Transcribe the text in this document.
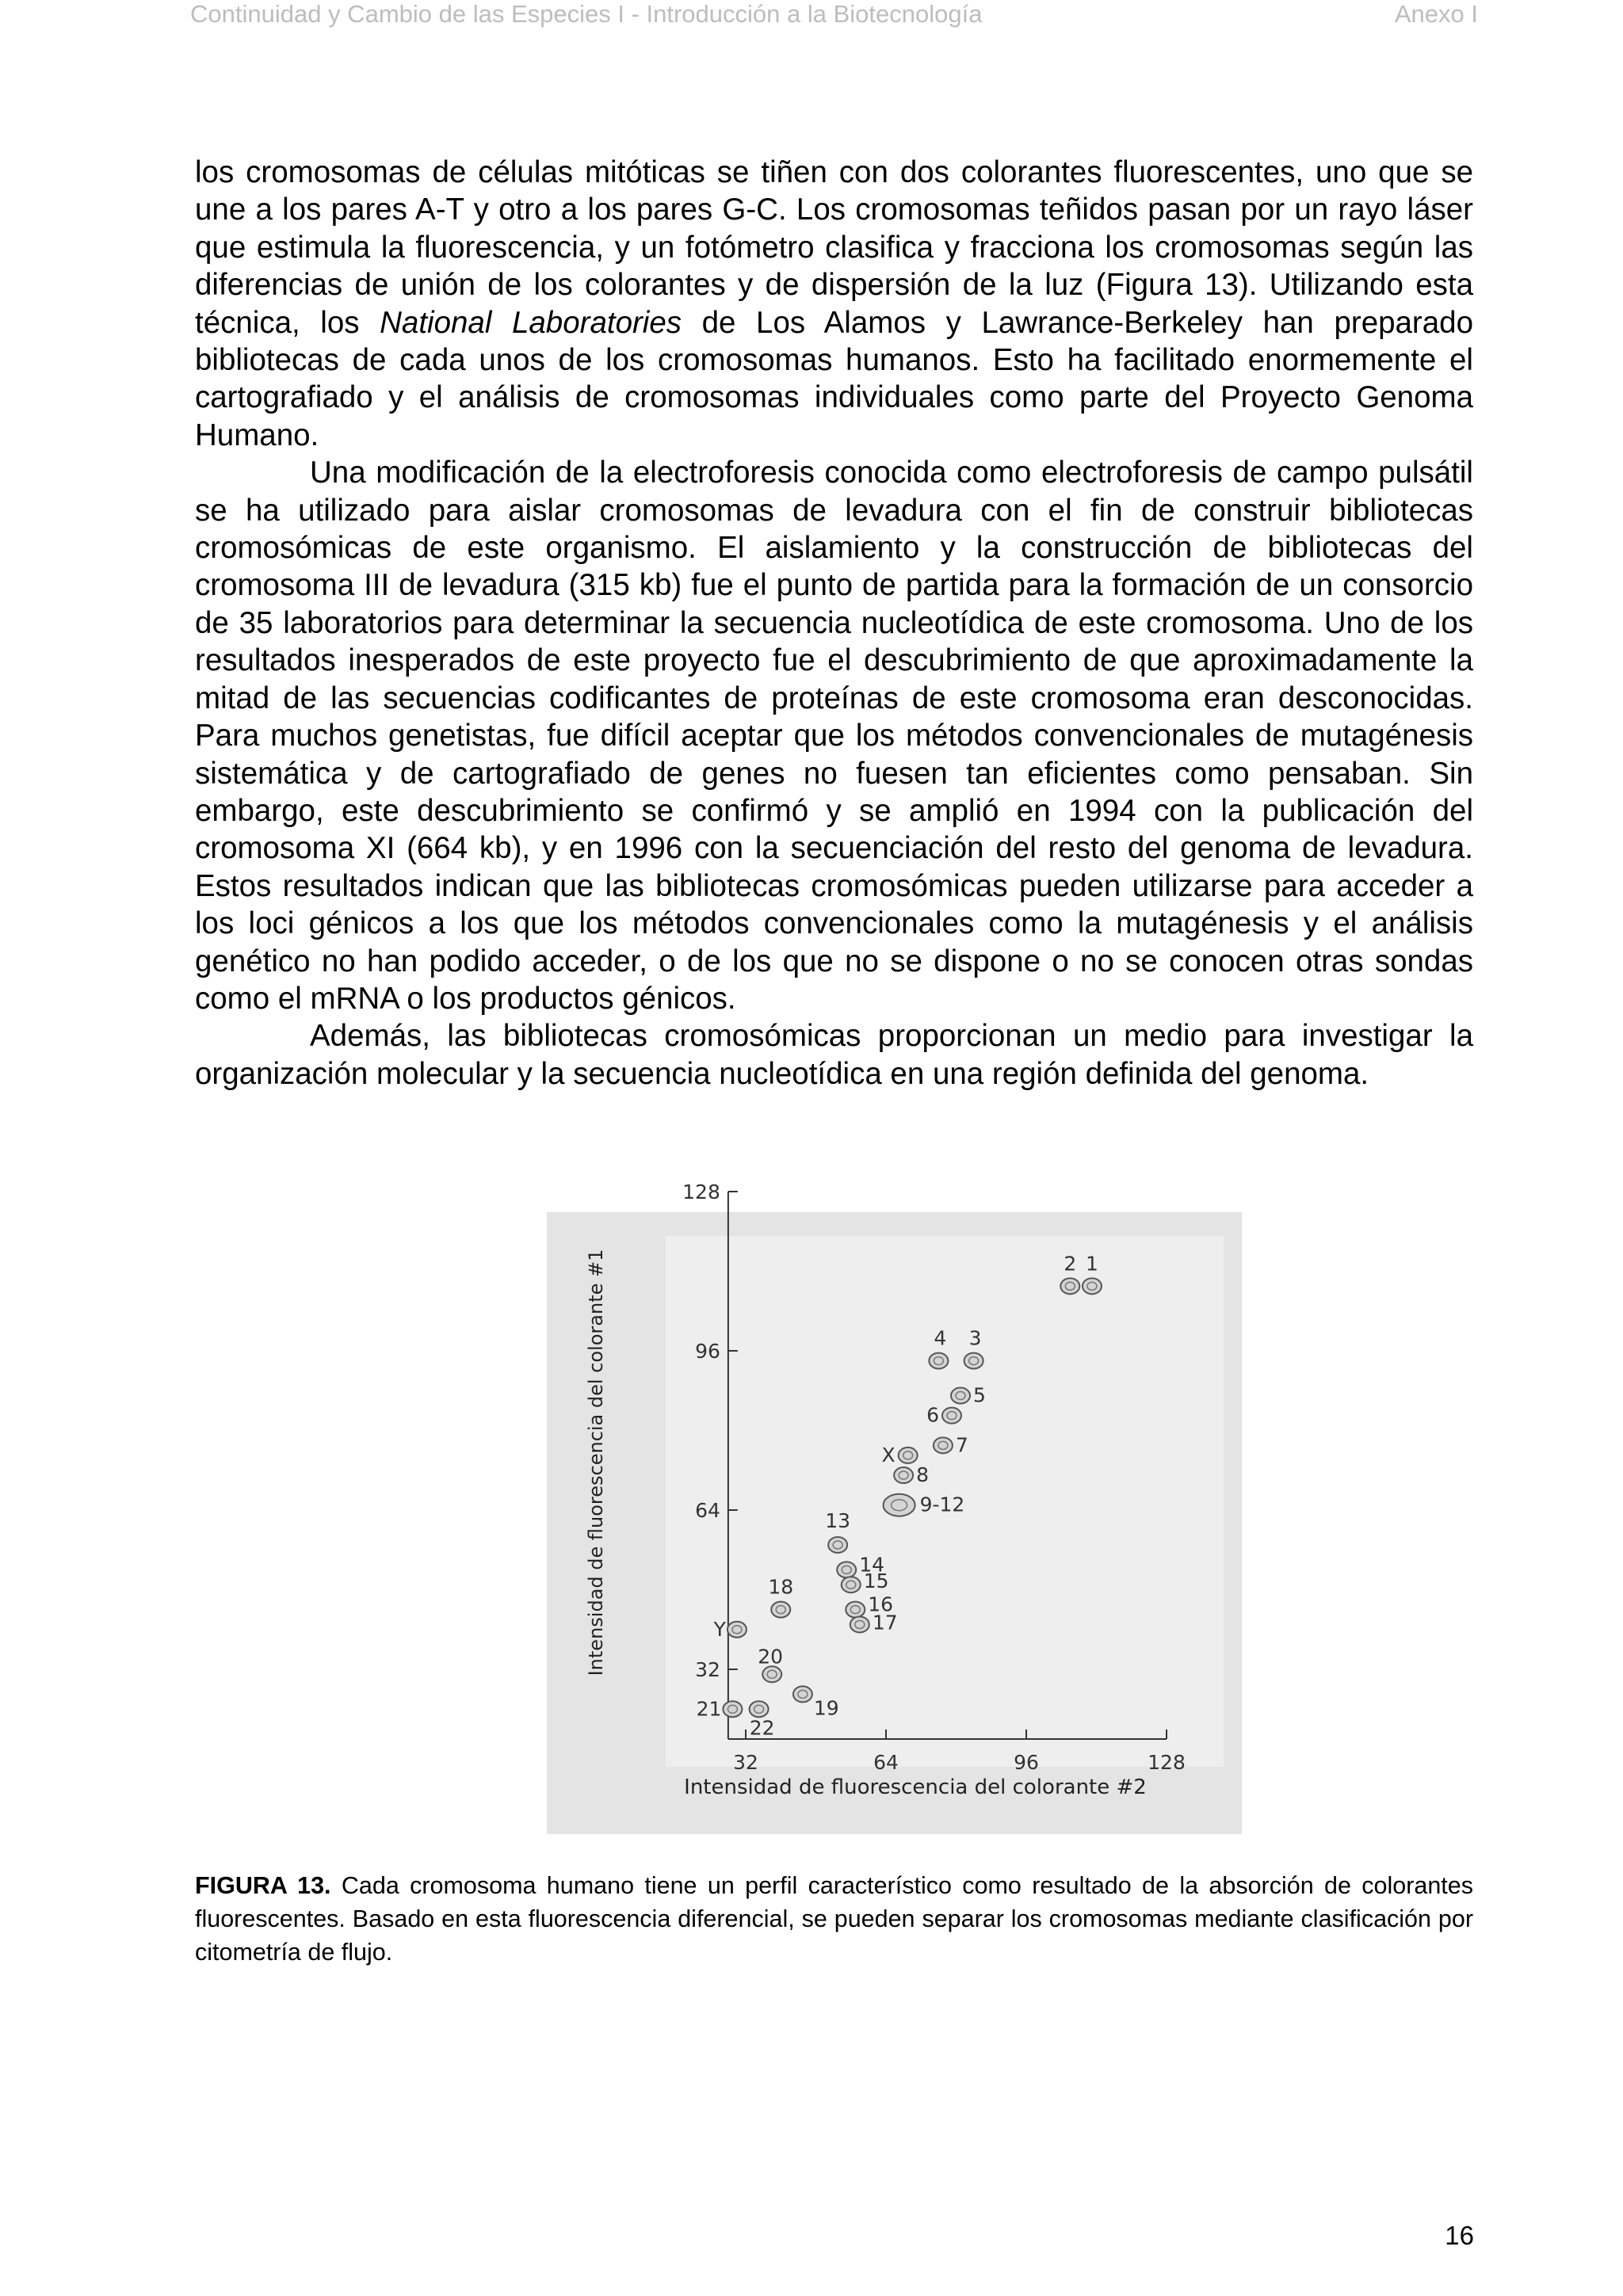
Continuidad y Cambio de las Especies I - Introducción a la Biotecnología	Anexo I

los cromosomas de células mitóticas se tiñen con dos colorantes fluorescentes, uno que se une a los pares A-T y otro a los pares G-C. Los cromosomas teñidos pasan por un rayo láser que estimula la fluorescencia, y un fotómetro clasifica y fracciona los cromosomas según las diferencias de unión de los colorantes y de dispersión de la luz (Figura 13). Utilizando esta técnica, los National Laboratories de Los Alamos y Lawrance-Berkeley han preparado bibliotecas de cada unos de los cromosomas humanos. Esto ha facilitado enormemente el cartografiado y el análisis de cromosomas individuales como parte del Proyecto Genoma Humano.

Una modificación de la electroforesis conocida como electroforesis de campo pulsátil se ha utilizado para aislar cromosomas de levadura con el fin de construir bibliotecas cromosómicas de este organismo. El aislamiento y la construcción de bibliotecas del cromosoma III de levadura (315 kb) fue el punto de partida para la formación de un consorcio de 35 laboratorios para determinar la secuencia nucleotídica de este cromosoma. Uno de los resultados inesperados de este proyecto fue el descubrimiento de que aproximadamente la mitad de las secuencias codificantes de proteínas de este cromosoma eran desconocidas. Para muchos genetistas, fue difícil aceptar que los métodos convencionales de mutagénesis sistemática y de cartografiado de genes no fuesen tan eficientes como pensaban. Sin embargo, este descubrimiento se confirmó y se amplió en 1994 con la publicación del cromosoma XI (664 kb), y en 1996 con la secuenciación del resto del genoma de levadura. Estos resultados indican que las bibliotecas cromosómicas pueden utilizarse para acceder a los loci génicos a los que los métodos convencionales como la mutagénesis y el análisis genético no han podido acceder, o de los que no se dispone o no se conocen otras sondas como el mRNA o los productos génicos.

Además, las bibliotecas cromosómicas proporcionan un medio para investigar la organización molecular y la secuencia nucleotídica en una región definida del genoma.

32
64
96
128
32	64	96	128
1
2
3
4
5
6
7
X
8
9-12
13
14
15
16
17
18
Y
20
19
21
22
Intensidad de fluorescencia del colorante #2
Intensidad de fluorescencia del colorante #1
FIGURA 13. Cada cromosoma humano tiene un perfil característico como resultado de la absorción de colorantes fluorescentes. Basado en esta fluorescencia diferencial, se pueden separar los cromosomas mediante clasificación por citometría de flujo.
16
